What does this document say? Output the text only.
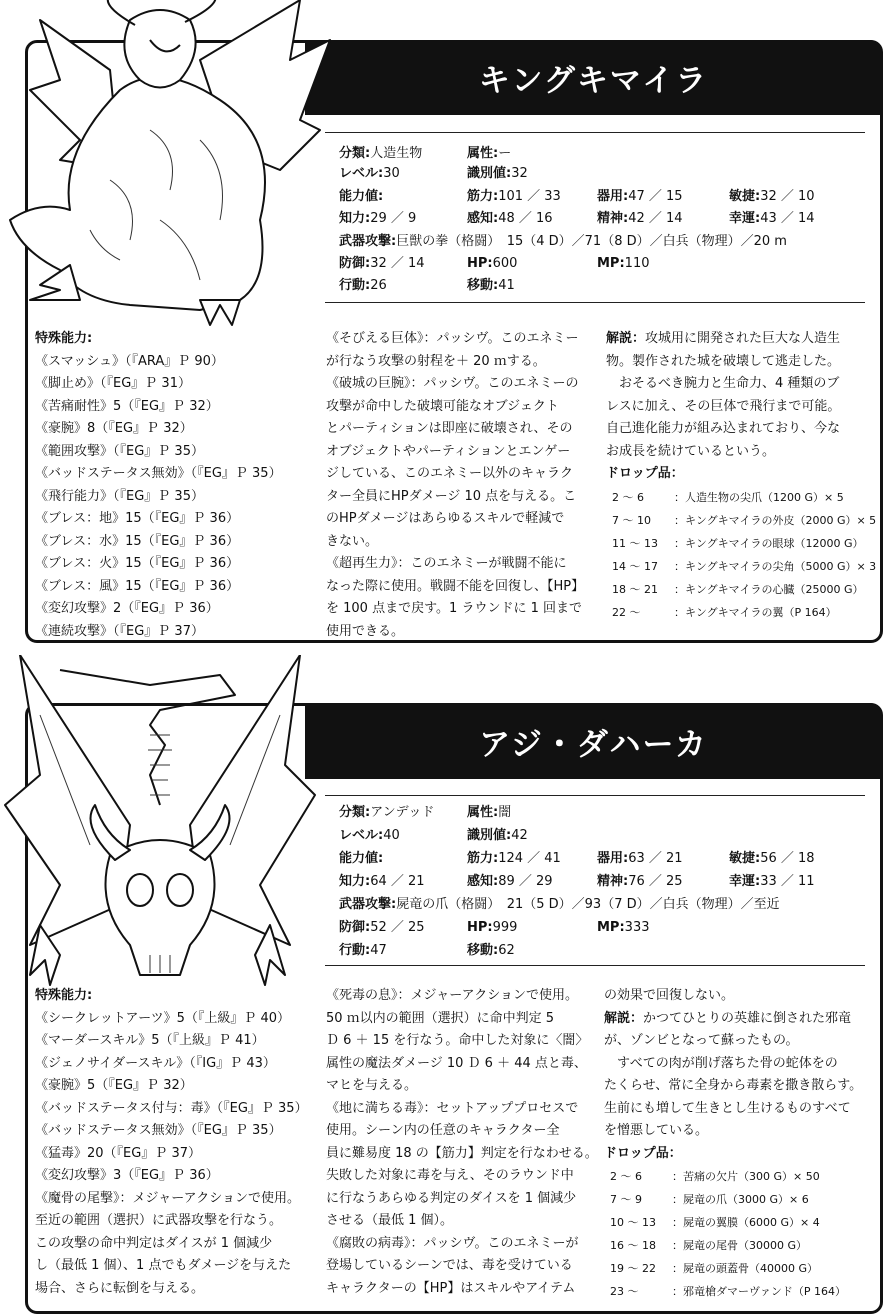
キングキマイラ
分類:人造生物	属性:ー
レベル:30	識別値:32
能力値:	筋力:101 ／ 33	器用:47 ／ 15	敏捷:32 ／ 10
知力:29 ／ 9	感知:48 ／ 16	精神:42 ／ 14	幸運:43 ／ 14
武器攻撃:巨獣の拳（格闘）　15（4 D）／71（8 D）／白兵（物理）／20 m
防御:32 ／ 14	HP:600	MP:110
行動:26	移動:41
特殊能力:
《スマッシュ》（『ARA』Ｐ 90）
《脚止め》（『EG』Ｐ 31）
《苦痛耐性》5（『EG』Ｐ 32）
《豪腕》8（『EG』Ｐ 32）
《範囲攻撃》（『EG』Ｐ 35）
《バッドステータス無効》（『EG』Ｐ 35）
《飛行能力》（『EG』Ｐ 35）
《ブレス：地》15（『EG』Ｐ 36）
《ブレス：水》15（『EG』Ｐ 36）
《ブレス：火》15（『EG』Ｐ 36）
《ブレス：風》15（『EG』Ｐ 36）
《変幻攻撃》2（『EG』Ｐ 36）
《連続攻撃》（『EG』Ｐ 37）
《そびえる巨体》：パッシヴ。このエネミー
が行なう攻撃の射程を＋ 20 ｍする。
《破城の巨腕》：パッシヴ。このエネミーの
攻撃が命中した破壊可能なオブジェクト
とパーティションは即座に破壊され、その
オブジェクトやパーティションとエンゲー
ジしている、このエネミー以外のキャラク
ター全員にHPダメージ 10 点を与える。こ
のHPダメージはあらゆるスキルで軽減で
きない。
《超再生力》：このエネミーが戦闘不能に
なった際に使用。戦闘不能を回復し、【HP】
を 100 点まで戻す。1 ラウンドに 1 回まで
使用できる。
解説：攻城用に開発された巨大な人造生
物。製作された城を破壊して逃走した。
おそるべき腕力と生命力、4 種類のブ
レスに加え、その巨体で飛行まで可能。
自己進化能力が組み込まれており、今な
お成長を続けているという。
ドロップ品：
2 〜 6	：人造生物の尖爪（1200 G）× 5
7 〜 10 ：キングキマイラの外皮（2000 G）× 5
11 〜 13 ：キングキマイラの眼球（12000 G）
14 〜 17 ：キングキマイラの尖角（5000 G）× 3
18 〜 21 ：キングキマイラの心臓（25000 G）
22 〜	：キングキマイラの翼（P 164）
アジ・ダハーカ
分類:アンデッド	属性:闇
レベル:40	識別値:42
能力値:	筋力:124 ／ 41	器用:63 ／ 21	敏捷:56 ／ 18
知力:64 ／ 21	感知:89 ／ 29	精神:76 ／ 25	幸運:33 ／ 11
武器攻撃:屍竜の爪（格闘）　21（5 D）／93（7 D）／白兵（物理）／至近
防御:52 ／ 25	HP:999	MP:333
行動:47	移動:62
特殊能力:
《シークレットアーツ》5（『上級』Ｐ 40）
《マーダースキル》5（『上級』Ｐ 41）
《ジェノサイダースキル》（『IG』Ｐ 43）
《豪腕》5（『EG』Ｐ 32）
《バッドステータス付与：毒》（『EG』Ｐ 35）
《バッドステータス無効》（『EG』Ｐ 35）
《猛毒》20（『EG』Ｐ 37）
《変幻攻撃》3（『EG』Ｐ 36）
《魔骨の尾撃》：メジャーアクションで使用。
至近の範囲（選択）に武器攻撃を行なう。
この攻撃の命中判定はダイスが 1 個減少
し（最低 1 個）、1 点でもダメージを与えた
場合、さらに転倒を与える。
《死毒の息》：メジャーアクションで使用。
50 ｍ以内の範囲（選択）に命中判定 5
Ｄ 6 ＋ 15 を行なう。命中した対象に〈闇〉
属性の魔法ダメージ 10 Ｄ 6 ＋ 44 点と毒、
マヒを与える。
《地に満ちる毒》：セットアッププロセスで
使用。シーン内の任意のキャラクター全
員に難易度 18 の【筋力】判定を行なわせる。
失敗した対象に毒を与え、そのラウンド中
に行なうあらゆる判定のダイスを 1 個減少
させる（最低 1 個）。
《腐敗の病毒》：パッシヴ。このエネミーが
登場しているシーンでは、毒を受けている
キャラクターの【HP】はスキルやアイテム
の効果で回復しない。
解説：かつてひとりの英雄に倒された邪竜
が、ゾンビとなって蘇ったもの。
すべての肉が削げ落ちた骨の蛇体をの
たくらせ、常に全身から毒素を撒き散らす。
生前にも増して生きとし生けるものすべて
を憎悪している。
ドロップ品：
2 〜 6	：苦痛の欠片（300 G）× 50
7 〜 9	：屍竜の爪（3000 G）× 6
10 〜 13 ：屍竜の翼膜（6000 G）× 4
16 〜 18 ：屍竜の尾骨（30000 G）
19 〜 22 ：屍竜の頭蓋骨（40000 G）
23 〜	：邪竜槍ダマーヴァンド（P 164）
